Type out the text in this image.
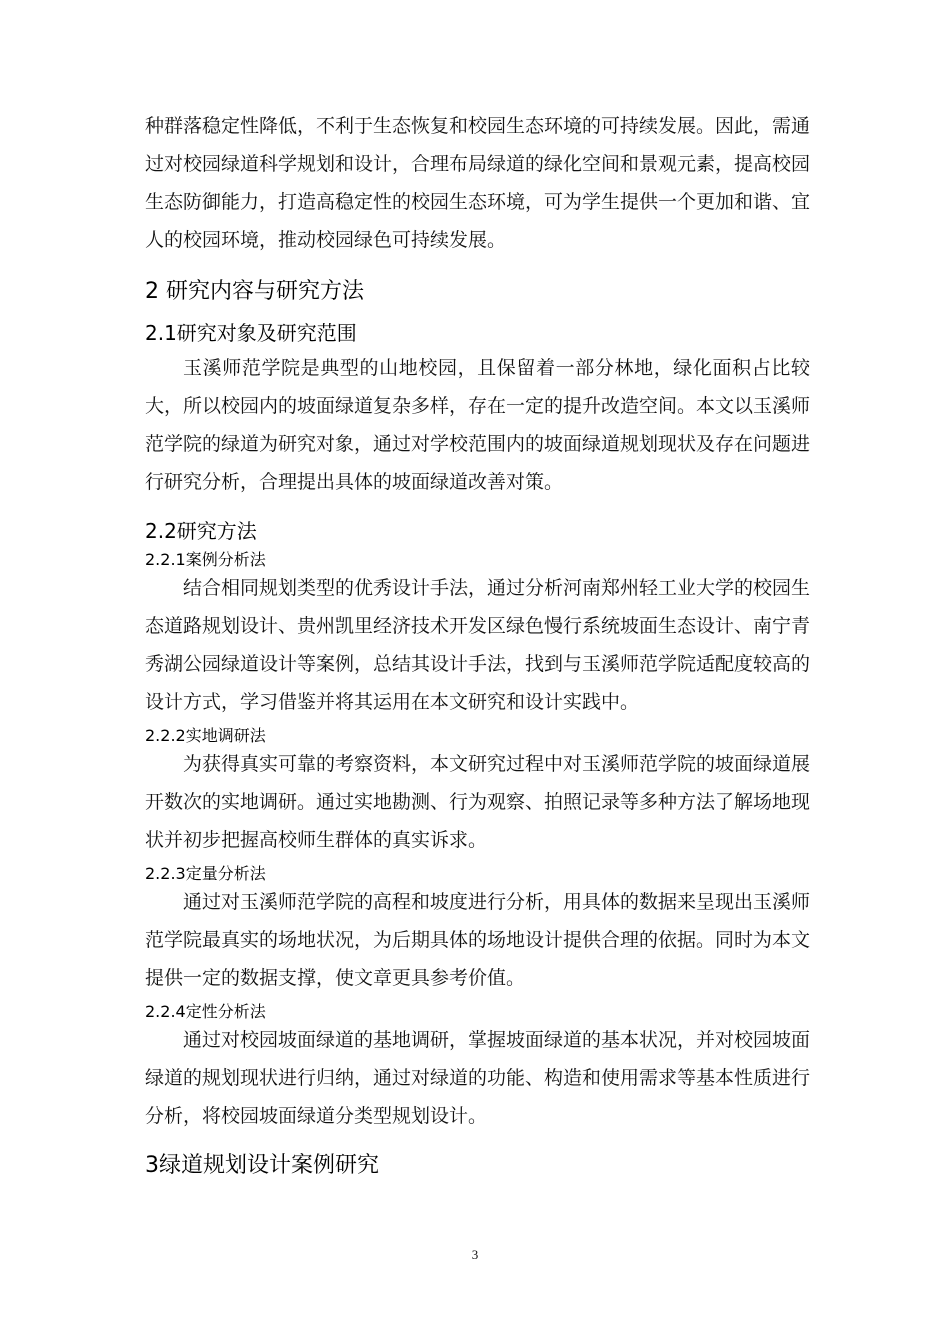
种群落稳定性降低，不利于生态恢复和校园生态环境的可持续发展。因此，需通过对校园绿道科学规划和设计，合理布局绿道的绿化空间和景观元素，提高校园生态防御能力，打造高稳定性的校园生态环境，可为学生提供一个更加和谐、宜人的校园环境，推动校园绿色可持续发展。

2 研究内容与研究方法
2.1研究对象及研究范围

玉溪师范学院是典型的山地校园，且保留着一部分林地，绿化面积占比较大，所以校园内的坡面绿道复杂多样，存在一定的提升改造空间。本文以玉溪师范学院的绿道为研究对象，通过对学校范围内的坡面绿道规划现状及存在问题进行研究分析，合理提出具体的坡面绿道改善对策。

2.2研究方法
2.2.1案例分析法

结合相同规划类型的优秀设计手法，通过分析河南郑州轻工业大学的校园生态道路规划设计、贵州凯里经济技术开发区绿色慢行系统坡面生态设计、南宁青秀湖公园绿道设计等案例，总结其设计手法，找到与玉溪师范学院适配度较高的设计方式，学习借鉴并将其运用在本文研究和设计实践中。

2.2.2实地调研法

为获得真实可靠的考察资料，本文研究过程中对玉溪师范学院的坡面绿道展开数次的实地调研。通过实地勘测、行为观察、拍照记录等多种方法了解场地现状并初步把握高校师生群体的真实诉求。

2.2.3定量分析法

通过对玉溪师范学院的高程和坡度进行分析，用具体的数据来呈现出玉溪师范学院最真实的场地状况，为后期具体的场地设计提供合理的依据。同时为本文提供一定的数据支撑，使文章更具参考价值。

2.2.4定性分析法

通过对校园坡面绿道的基地调研，掌握坡面绿道的基本状况，并对校园坡面绿道的规划现状进行归纳，通过对绿道的功能、构造和使用需求等基本性质进行分析，将校园坡面绿道分类型规划设计。

3绿道规划设计案例研究
3
